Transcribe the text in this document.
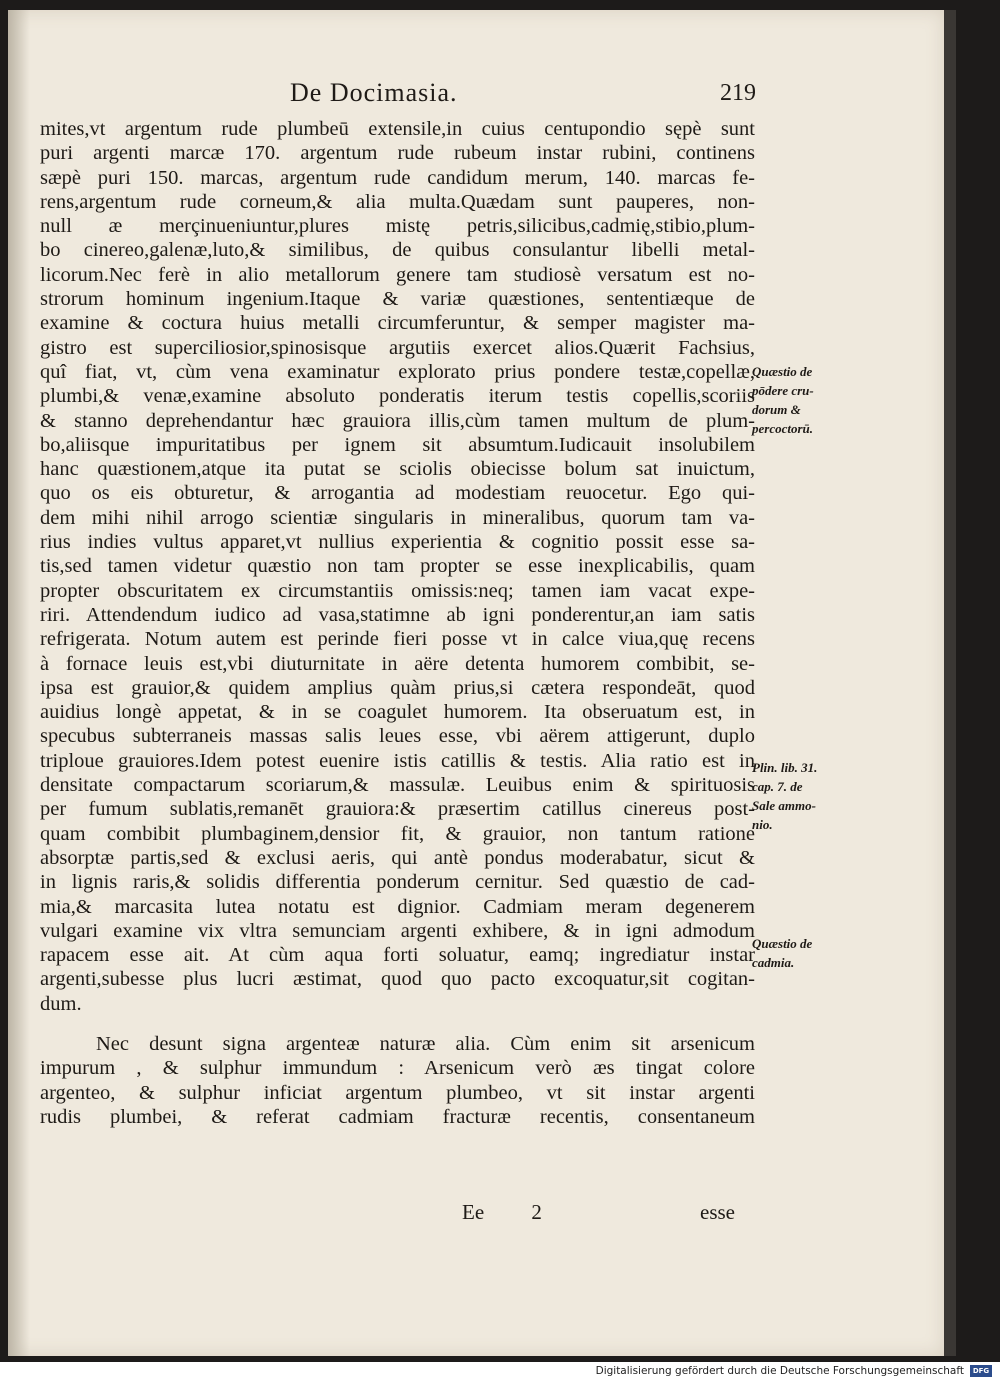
De Docimasia.	219
mites,vt argentum rude plumbeū extensile,in cuius centupondio sępè sunt
puri argenti marcæ 170. argentum rude rubeum instar rubini, continens
sæpè puri 150. marcas, argentum rude candidum merum, 140. marcas fe-
rens,argentum rude corneum,& alia multa.Quædam sunt pauperes, non-
null æ merçinueniuntur,plures mistę petris,silicibus,cadmię,stibio,plum-
bo cinereo,galenæ,luto,& similibus, de quibus consulantur libelli metal-
licorum.Nec ferè in alio metallorum genere tam studiosè versatum est no-
strorum hominum ingenium.Itaque & variæ quæstiones, sententiæque de
examine & coctura huius metalli circumferuntur, & semper magister ma-
gistro est superciliosior,spinosisque argutiis exercet alios.Quærit Fachsius,
quî fiat, vt, cùm vena examinatur explorato prius pondere testæ,copellæ,
plumbi,& venæ,examine absoluto ponderatis iterum testis copellis,scoriis
& stanno deprehendantur hæc grauiora illis,cùm tamen multum de plum-
bo,aliisque impuritatibus per ignem sit absumtum.Iudicauit insolubilem
hanc quæstionem,atque ita putat se sciolis obiecisse bolum sat inuictum,
quo os eis obturetur, & arrogantia ad modestiam reuocetur. Ego qui-
dem mihi nihil arrogo scientiæ singularis in mineralibus, quorum tam va-
rius indies vultus apparet,vt nullius experientia & cognitio possit esse sa-
tis,sed tamen videtur quæstio non tam propter se esse inexplicabilis, quam
propter obscuritatem ex circumstantiis omissis:neq; tamen iam vacat expe-
riri. Attendendum iudico ad vasa,statimne ab igni ponderentur,an iam satis
refrigerata. Notum autem est perinde fieri posse vt in calce viua,quę recens
à fornace leuis est,vbi diuturnitate in aëre detenta humorem combibit, se-
ipsa est grauior,& quidem amplius quàm prius,si cætera respondeāt, quod
auidius longè appetat, & in se coagulet humorem. Ita obseruatum est, in
specubus subterraneis massas salis leues esse, vbi aërem attigerunt, duplo
triploue grauiores.Idem potest euenire istis catillis & testis. Alia ratio est in
densitate compactarum scoriarum,& massulæ. Leuibus enim & spirituosis
per fumum sublatis,remanēt grauiora:& præsertim catillus cinereus post-
quam combibit plumbaginem,densior fit, & grauior, non tantum ratione
absorptæ partis,sed & exclusi aeris, qui antè pondus moderabatur, sicut &
in lignis raris,& solidis differentia ponderum cernitur. Sed quæstio de cad-
mia,& marcasita lutea notatu est dignior. Cadmiam meram degenerem
vulgari examine vix vltra semunciam argenti exhibere, & in igni admodum
rapacem esse ait. At cùm aqua forti soluatur, eamq; ingrediatur instar
argenti,subesse plus lucri æstimat, quod quo pacto excoquatur,sit cogitan-
dum.
Nec desunt signa argenteæ naturæ alia. Cùm enim sit arsenicum
impurum , & sulphur immundum : Arsenicum verò æs tingat colore
argenteo, & sulphur inficiat argentum plumbeo, vt sit instar argenti
rudis plumbei, & referat cadmiam fracturæ recentis, consentaneum
Quæstio de
pōdere cru-
dorum &
percoctorū.
Plin. lib. 31.
cap. 7. de
Sale ammo-
nio.
Quæstio de
cadmia.
Ee 2	esse
Digitalisierung gefördert durch die Deutsche Forschungsgemeinschaft	DFG
